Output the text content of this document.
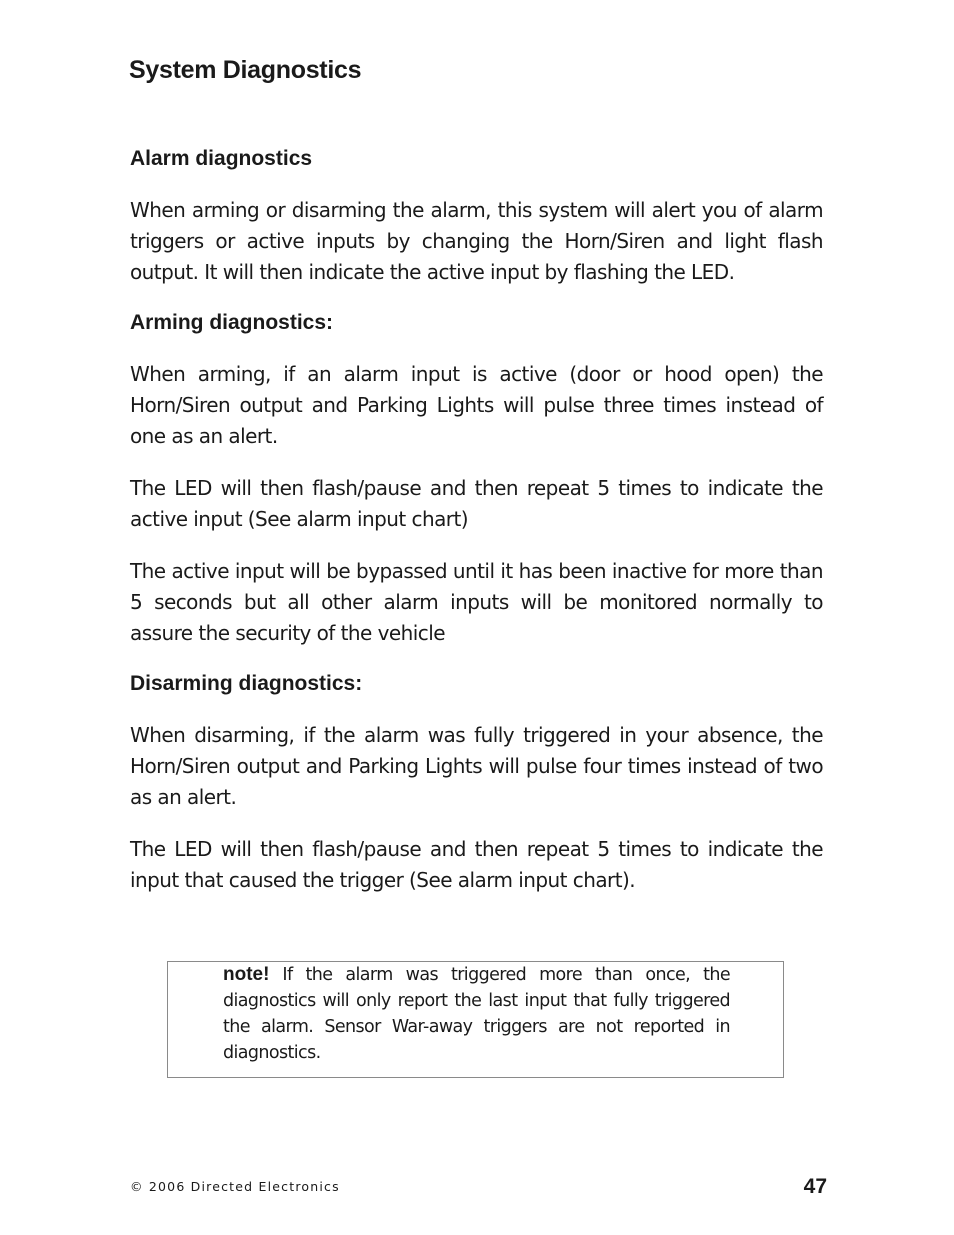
System Diagnostics
Alarm diagnostics

When arming or disarming the alarm, this system will alert you of alarm triggers or active inputs by changing the Horn/Siren and light flash output. It will then indicate the active input by flashing the LED.

Arming diagnostics:

When arming, if an alarm input is active (door or hood open) the Horn/Siren output and Parking Lights will pulse three times instead of one as an alert.

The LED will then flash/pause and then repeat 5 times to indicate the active input (See alarm input chart)

The active input will be bypassed until it has been inactive for more than 5 seconds but all other alarm inputs will be monitored normally to assure the security of the vehicle

Disarming diagnostics:

When disarming, if the alarm was fully triggered in your absence, the Horn/Siren output and Parking Lights will pulse four times instead of two as an alert.

The LED will then flash/pause and then repeat 5 times to indicate the input that caused the trigger (See alarm input chart).

note! If the alarm was triggered more than once, the diagnostics will only report the last input that fully triggered the alarm. Sensor War-away triggers are not reported in diagnostics.

© 2006 Directed Electronics	47
